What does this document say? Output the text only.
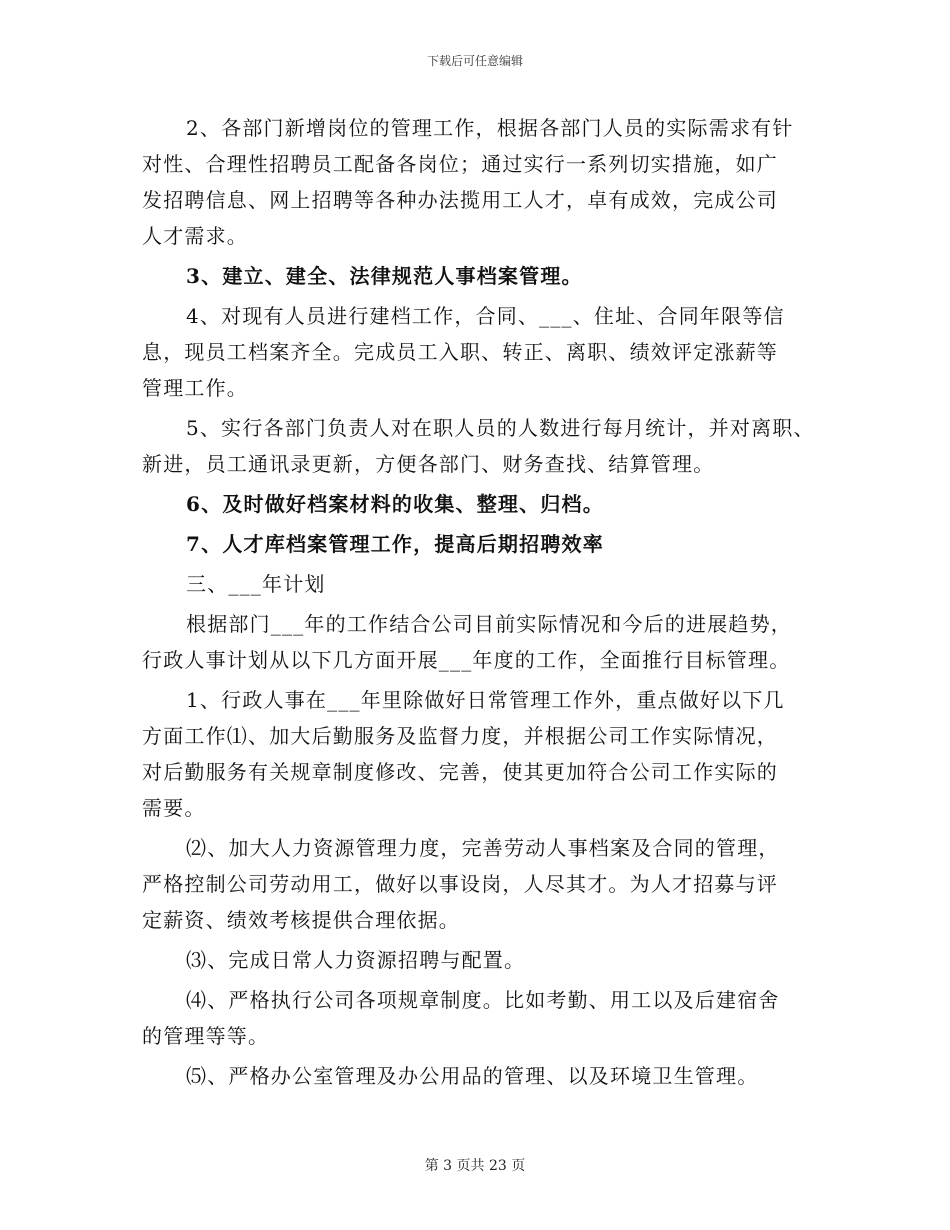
下载后可任意编辑
2、各部门新增岗位的管理工作，根据各部门人员的实际需求有针
对性、合理性招聘员工配备各岗位；通过实行一系列切实措施，如广
发招聘信息、网上招聘等各种办法揽用工人才，卓有成效，完成公司
人才需求。
3、建立、建全、法律规范人事档案管理。
4、对现有人员进行建档工作，合同、___、住址、合同年限等信
息，现员工档案齐全。完成员工入职、转正、离职、绩效评定涨薪等
管理工作。
5、实行各部门负责人对在职人员的人数进行每月统计，并对离职、
新进，员工通讯录更新，方便各部门、财务查找、结算管理。
6、及时做好档案材料的收集、整理、归档。
7、人才库档案管理工作，提高后期招聘效率
三、___年计划
根据部门___年的工作结合公司目前实际情况和今后的进展趋势，
行政人事计划从以下几方面开展___年度的工作，全面推行目标管理。
1、行政人事在___年里除做好日常管理工作外，重点做好以下几
方面工作⑴、加大后勤服务及监督力度，并根据公司工作实际情况，
对后勤服务有关规章制度修改、完善，使其更加符合公司工作实际的
需要。
⑵、加大人力资源管理力度，完善劳动人事档案及合同的管理，
严格控制公司劳动用工，做好以事设岗，人尽其才。为人才招募与评
定薪资、绩效考核提供合理依据。
⑶、完成日常人力资源招聘与配置。
⑷、严格执行公司各项规章制度。比如考勤、用工以及后建宿舍
的管理等等。
⑸、严格办公室管理及办公用品的管理、以及环境卫生管理。
第 3 页共 23 页
